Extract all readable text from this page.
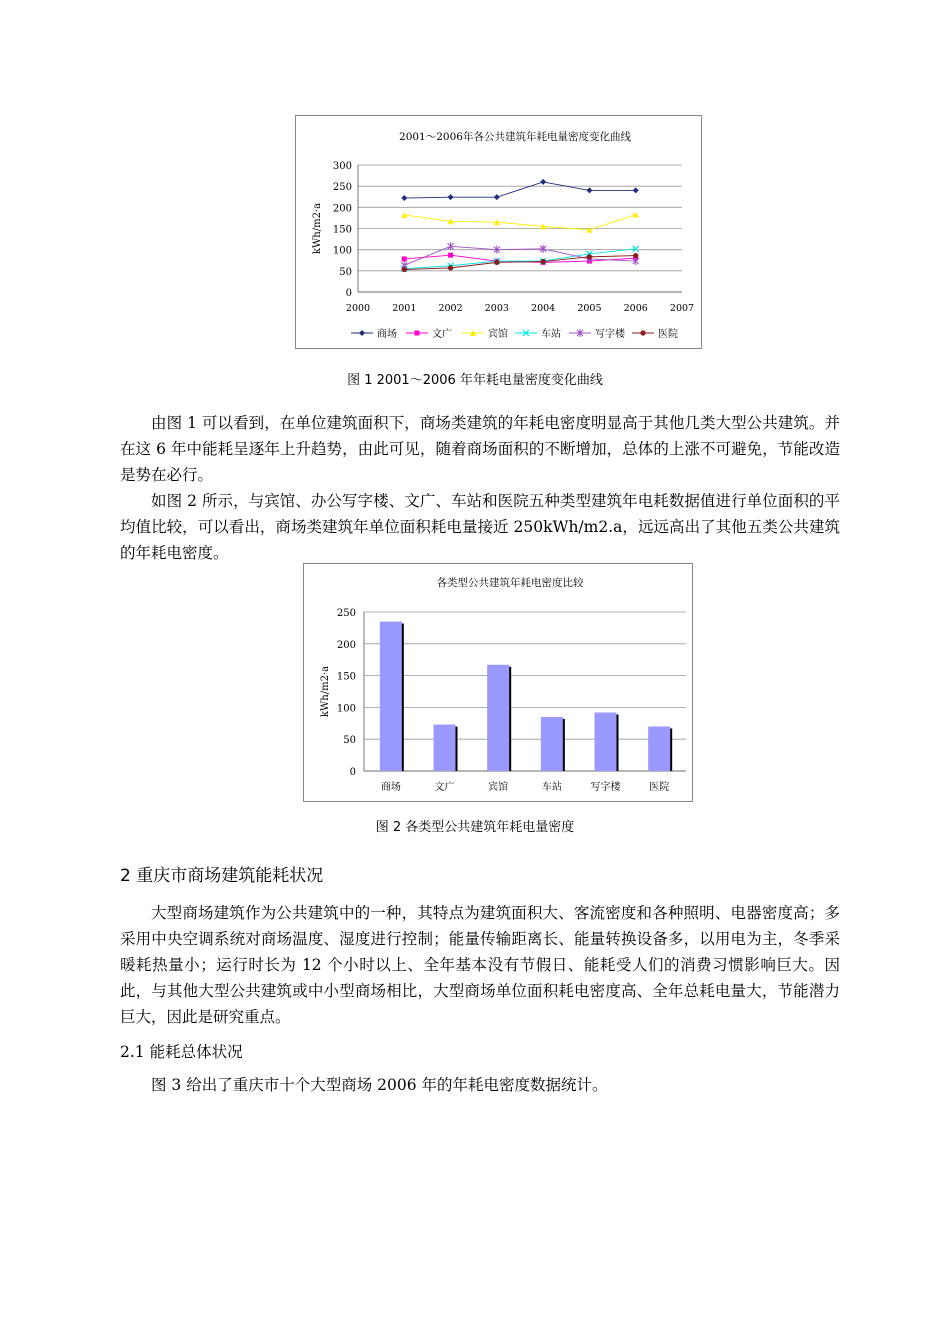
2001～2006年各公共建筑年耗电量密度变化曲线
0
50
100
150
200
250
300
2000 2001 2002 2003 2004 2005 2006 2007
kWh/m2·a
商场	文广	宾馆	车站	写字楼	医院
图 1 2001～2006 年年耗电量密度变化曲线

由图 1 可以看到，在单位建筑面积下，商场类建筑的年耗电密度明显高于其他几类大型公共建筑。并在这 6 年中能耗呈逐年上升趋势，由此可见，随着商场面积的不断增加，总体的上涨不可避免，节能改造是势在必行。

如图 2 所示，与宾馆、办公写字楼、文广、车站和医院五种类型建筑年电耗数据值进行单位面积的平均值比较，可以看出，商场类建筑年单位面积耗电量接近 250kWh/m2.a，远远高出了其他五类公共建筑的年耗电密度。

各类型公共建筑年耗电密度比较
0
50
100
150
200
250
kWh/m2·a
商场	文广	宾馆	车站	写字楼	医院
图 2 各类型公共建筑年耗电量密度
2 重庆市商场建筑能耗状况

大型商场建筑作为公共建筑中的一种，其特点为建筑面积大、客流密度和各种照明、电器密度高；多采用中央空调系统对商场温度、湿度进行控制；能量传输距离长、能量转换设备多，以用电为主，冬季采暖耗热量小；运行时长为 12 个小时以上、全年基本没有节假日、能耗受人们的消费习惯影响巨大。因此，与其他大型公共建筑或中小型商场相比，大型商场单位面积耗电密度高、全年总耗电量大，节能潜力巨大，因此是研究重点。

2.1 能耗总体状况

图 3 给出了重庆市十个大型商场 2006 年的年耗电密度数据统计。
